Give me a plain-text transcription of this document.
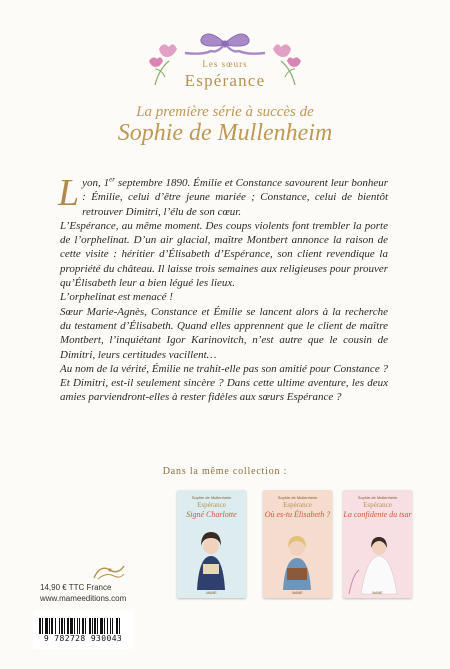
Les sœurs
Espérance
La première série à succès de
Sophie de Mullenheim

Lyon, 1er septembre 1890. Émilie et Constance savourent leur bonheur : Émilie, celui d’être jeune mariée ; Constance, celui de bientôt retrouver Dimitri, l’élu de son cœur.

L’Espérance, au même moment. Des coups violents font trembler la porte de l’orphelinat. D’un air glacial, maître Montbert annonce la raison de cette visite : héritier d’Élisabeth d’Espérance, son client revendique la propriété du château. Il laisse trois semaines aux religieuses pour prouver qu’Élisabeth leur a bien légué les lieux.

L’orphelinat est menacé !

Sœur Marie-Agnès, Constance et Émilie se lancent alors à la recherche du testament d’Élisabeth. Quand elles apprennent que le client de maître Montbert, l’inquiétant Igor Karinovitch, n’est autre que le cousin de Dimitri, leurs certitudes vacillent…

Au nom de la vérité, Émilie ne trahit-elle pas son amitié pour Constance ? Et Dimitri, est-il seulement sincère ? Dans cette ultime aventure, les deux amies parviendront-elles à rester fidèles aux sœurs Espérance ?

Dans la même collection :
Sophie de Mullenheim
Espérance
Signé Charlotte
MAME
Sophie de Mullenheim
Espérance
Où es-tu Élisabeth ?
MAME
Sophie de Mullenheim
Espérance
La confidente du tsar
MAME
14,90 € TTC France
www.mameeditions.com
9 782728 930043
